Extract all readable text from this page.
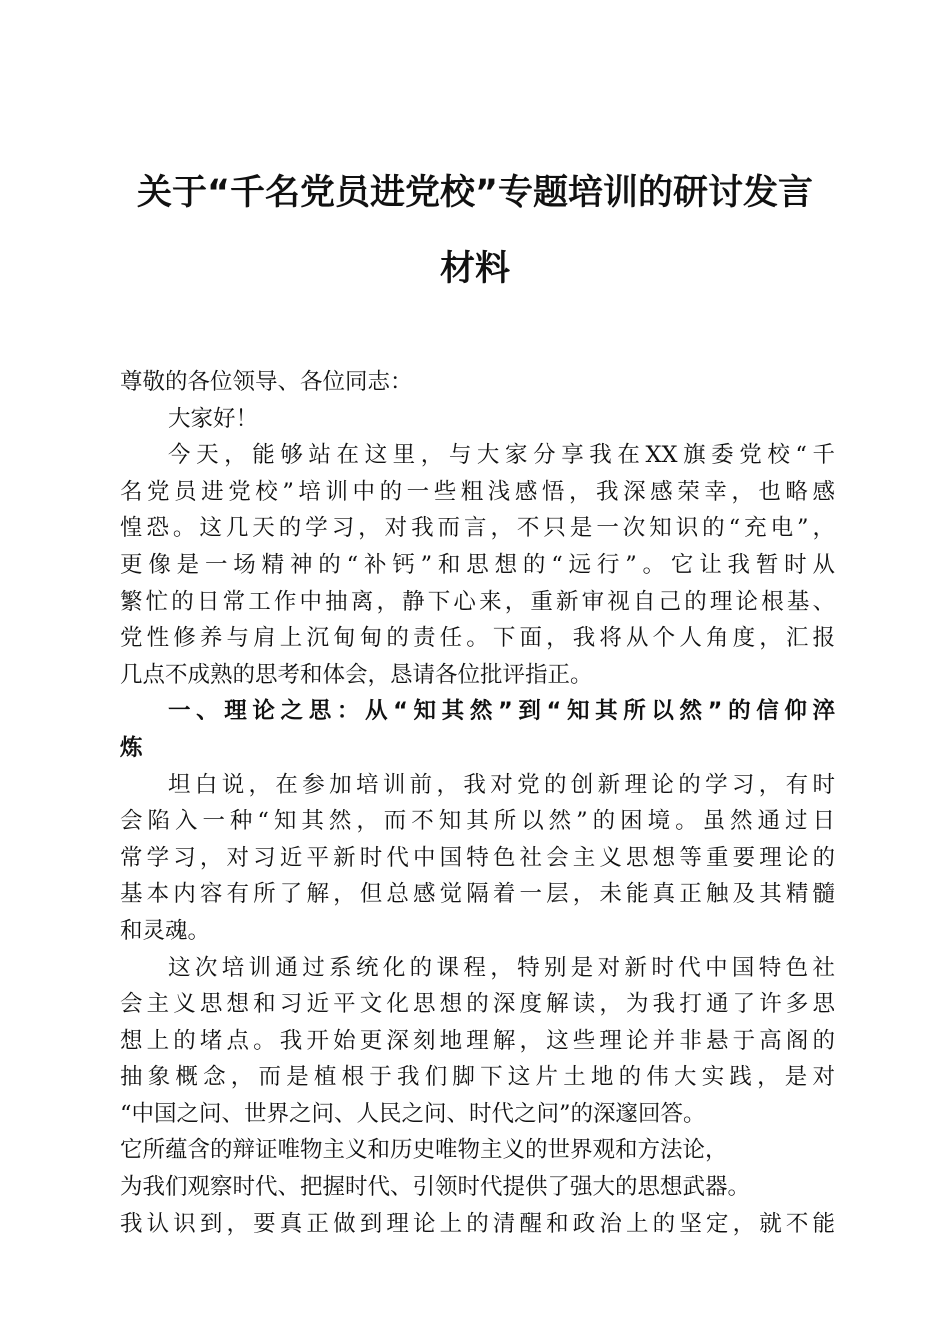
关于“千名党员进党校”专题培训的研讨发言
材料
尊敬的各位领导、各位同志：
大家好！
今天，能够站在这里，与大家分享我在XX旗委党校“千
名党员进党校”培训中的一些粗浅感悟，我深感荣幸，也略感
惶恐。这几天的学习，对我而言，不只是一次知识的“充电”，
更像是一场精神的“补钙”和思想的“远行”。它让我暂时从
繁忙的日常工作中抽离，静下心来，重新审视自己的理论根基、
党性修养与肩上沉甸甸的责任。下面，我将从个人角度，汇报
几点不成熟的思考和体会，恳请各位批评指正。
一、理论之思：从“知其然”到“知其所以然”的信仰淬
炼
坦白说，在参加培训前，我对党的创新理论的学习，有时
会陷入一种“知其然，而不知其所以然”的困境。虽然通过日
常学习，对习近平新时代中国特色社会主义思想等重要理论的
基本内容有所了解，但总感觉隔着一层，未能真正触及其精髓
和灵魂。
这次培训通过系统化的课程，特别是对新时代中国特色社
会主义思想和习近平文化思想的深度解读，为我打通了许多思
想上的堵点。我开始更深刻地理解，这些理论并非悬于高阁的
抽象概念，而是植根于我们脚下这片土地的伟大实践，是对
“中国之问、世界之问、人民之问、时代之问”的深邃回答。
它所蕴含的辩证唯物主义和历史唯物主义的世界观和方法论，
为我们观察时代、把握时代、引领时代提供了强大的思想武器。
我认识到，要真正做到理论上的清醒和政治上的坚定，就不能
